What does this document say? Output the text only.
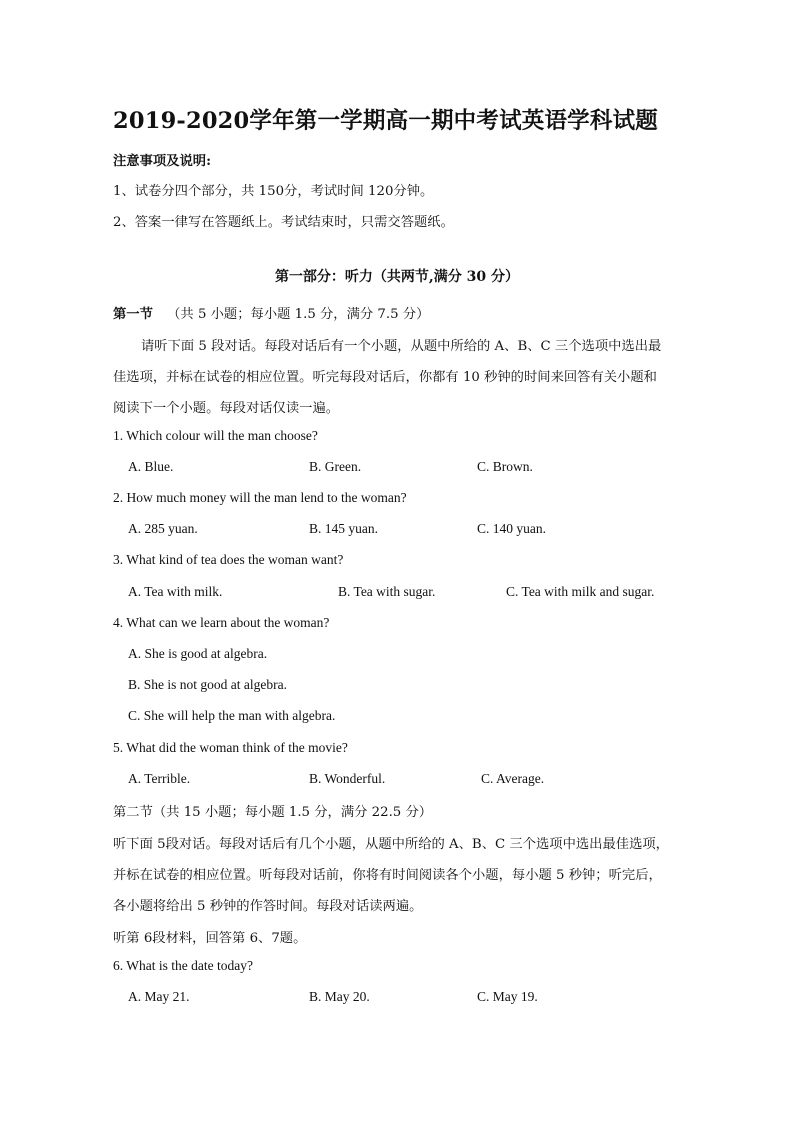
2019-2020学年第一学期高一期中考试英语学科试题
注意事项及说明:
1、试卷分四个部分，共 150分，考试时间 120分钟。
2、答案一律写在答题纸上。考试结束时，只需交答题纸。
第一部分：听力（共两节,满分 30 分）
第一节 （共 5 小题；每小题 1.5 分，满分 7.5 分）
请听下面 5 段对话。每段对话后有一个小题，从题中所给的 A、B、C 三个选项中选出最
佳选项，并标在试卷的相应位置。听完每段对话后，你都有 10 秒钟的时间来回答有关小题和
阅读下一个小题。每段对话仅读一遍。
1. Which colour will the man choose?
A. Blue.	B. Green.	C. Brown.
2. How much money will the man lend to the woman?
A. 285 yuan.	B. 145 yuan.	C. 140 yuan.
3. What kind of tea does the woman want?
A. Tea with milk.	B. Tea with sugar.	C. Tea with milk and sugar.
4. What can we learn about the woman?
A. She is good at algebra.
B. She is not good at algebra.
C. She will help the man with algebra.
5. What did the woman think of the movie?
A. Terrible.	B. Wonderful.	C. Average.
第二节（共 15 小题；每小题 1.5 分，满分 22.5 分）
听下面 5段对话。每段对话后有几个小题，从题中所给的 A、B、C 三个选项中选出最佳选项，
并标在试卷的相应位置。听每段对话前，你将有时间阅读各个小题，每小题 5 秒钟；听完后，
各小题将给出 5 秒钟的作答时间。每段对话读两遍。
听第 6段材料，回答第 6、7题。
6. What is the date today?
A. May 21.	B. May 20.	C. May 19.
